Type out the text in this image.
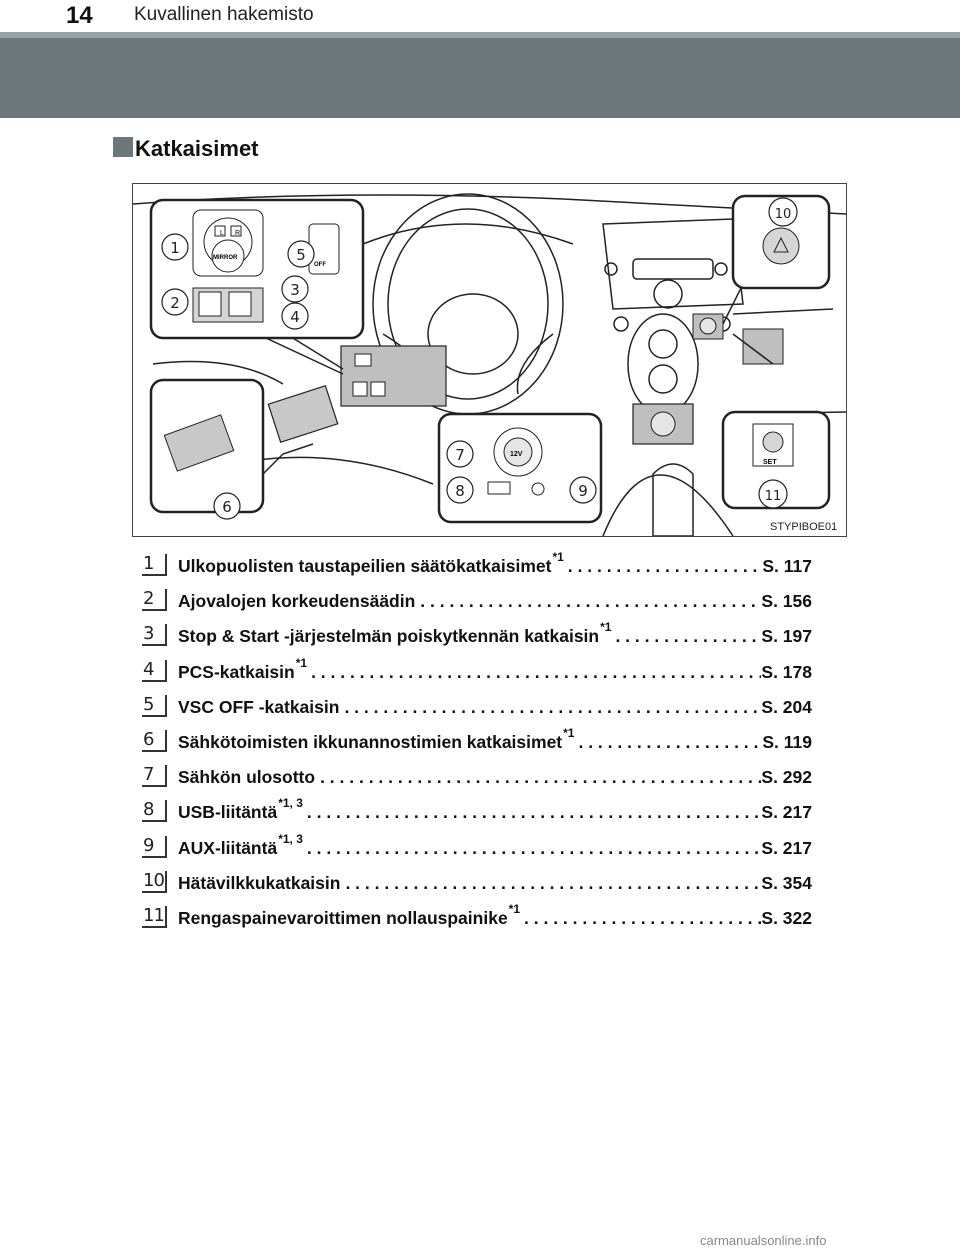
14 Kuvallinen hakemisto
Katkaisimet
L R
MIRROR
OFF
12V
SET
1
2
3
4
5
6
7
8	9
10
11
STYPIBOE01
1	Ulkopuolisten taustapeilien säätökatkaisimet$^{*1}$ . . .	S. 117
2	Ajovalojen korkeudensäädin . . .	S. 156
3	Stop & Start -järjestelmän poiskytkennän katkaisin$^{*1}$ . . .	S. 197
4	PCS-katkaisin$^{*1}$ . . .	S. 178
5	VSC OFF -katkaisin . . .	S. 204
6	Sähkötoimisten ikkunannostimien katkaisimet$^{*1}$ . . .	S. 119
7	Sähkön ulosotto . . .	S. 292
8	USB-liitäntä$^{*1, 3}$ . . .	S. 217
9	AUX-liitäntä$^{*1, 3}$ . . .	S. 217
10 Hätävilkkukatkaisin . . .	S. 354
11 Rengaspainevaroittimen nollauspainike$^{*1}$ . . .	S. 322
carmanualsonline.info
